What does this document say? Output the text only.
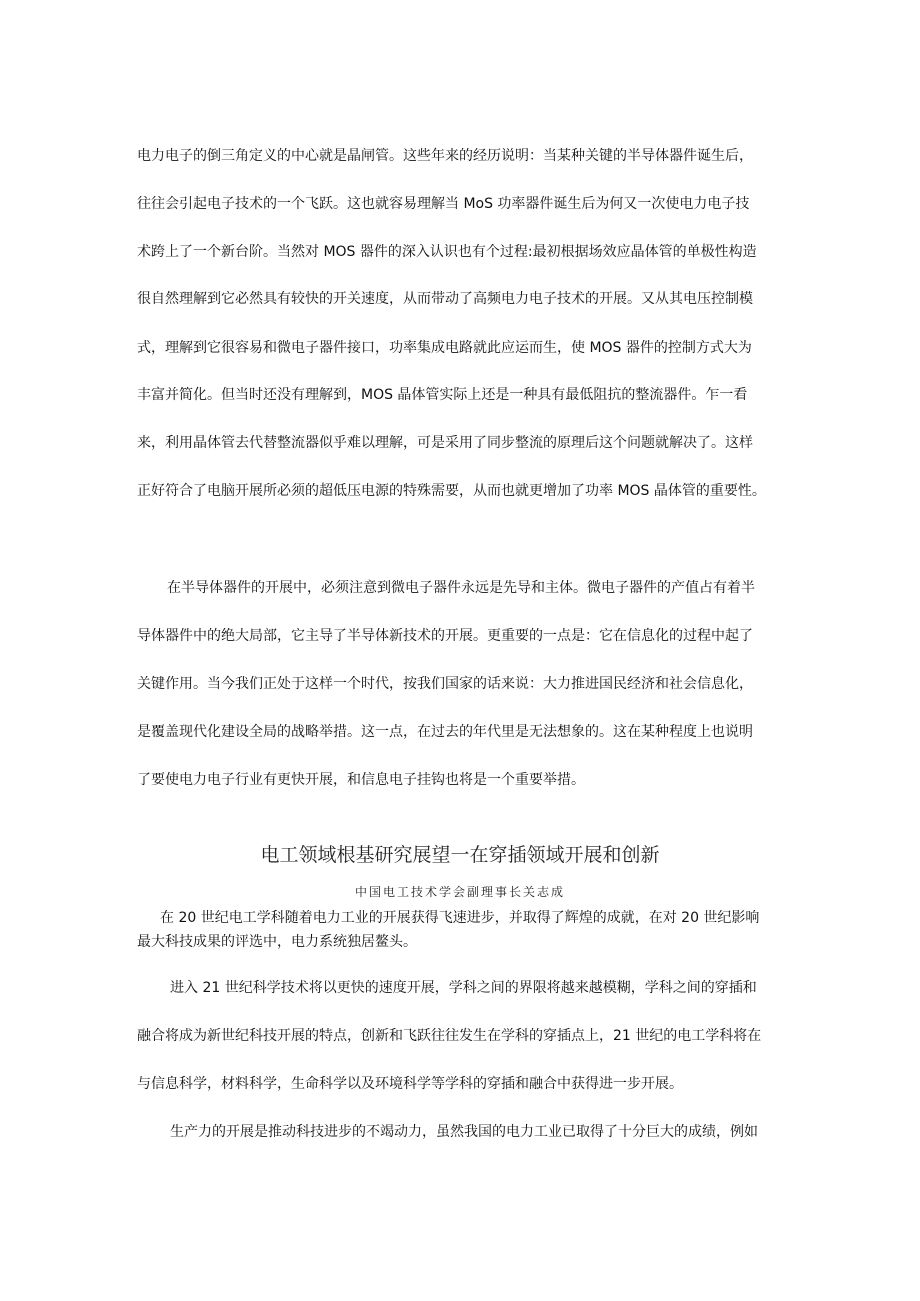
电力电子的倒三角定义的中心就是晶闸管。这些年来的经历说明：当某种关键的半导体器件诞生后，

往往会引起电子技术的一个飞跃。这也就容易理解当 MoS 功率器件诞生后为何又一次使电力电子技

术跨上了一个新台阶。当然对 MOS 器件的深入认识也有个过程:最初根据场效应晶体管的单极性构造

很自然理解到它必然具有较快的开关速度，从而带动了高频电力电子技术的开展。又从其电压控制模

式，理解到它很容易和微电子器件接口，功率集成电路就此应运而生，使 MOS 器件的控制方式大为

丰富并简化。但当时还没有理解到，MOS 晶体管实际上还是一种具有最低阻抗的整流器件。乍一看

来，利用晶体管去代替整流器似乎难以理解，可是采用了同步整流的原理后这个问题就解决了。这样

正好符合了电脑开展所必须的超低压电源的特殊需要，从而也就更增加了功率 MOS 晶体管的重要性。

在半导体器件的开展中，必须注意到微电子器件永远是先导和主体。微电子器件的产值占有着半

导体器件中的绝大局部，它主导了半导体新技术的开展。更重要的一点是：它在信息化的过程中起了

关键作用。当今我们正处于这样一个时代，按我们国家的话来说：大力推进国民经济和社会信息化，

是覆盖现代化建设全局的战略举措。这一点，在过去的年代里是无法想象的。这在某种程度上也说明

了要使电力电子行业有更快开展，和信息电子挂钩也将是一个重要举措。

电工领域根基研究展望一在穿插领域开展和创新

中国电工技术学会副理事长关志成

在 20 世纪电工学科随着电力工业的开展获得飞速进步，并取得了辉煌的成就，在对 20 世纪影响

最大科技成果的评选中，电力系统独居鳌头。

进入 21 世纪科学技术将以更快的速度开展，学科之间的界限将越来越模糊，学科之间的穿插和

融合将成为新世纪科技开展的特点，创新和飞跃往往发生在学科的穿插点上，21 世纪的电工学科将在

与信息科学，材料科学，生命科学以及环境科学等学科的穿插和融合中获得进一步开展。

生产力的开展是推动科技进步的不竭动力，虽然我国的电力工业已取得了十分巨大的成绩，例如
